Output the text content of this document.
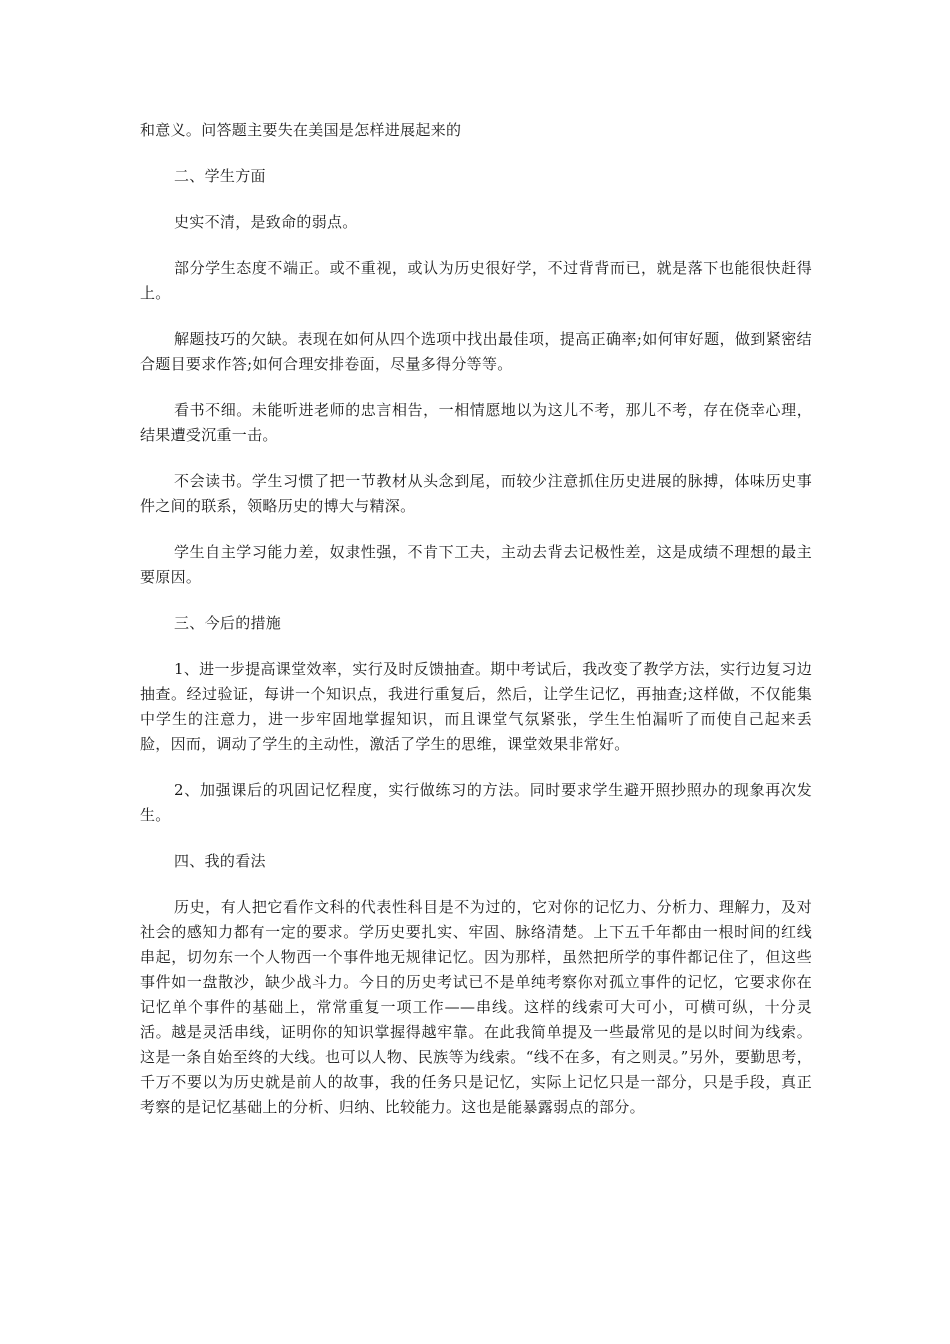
和意义。问答题主要失在美国是怎样进展起来的

二、学生方面

史实不清，是致命的弱点。

部分学生态度不端正。或不重视，或认为历史很好学，不过背背而已，就是落下也能很快赶得上。

解题技巧的欠缺。表现在如何从四个选项中找出最佳项，提高正确率;如何审好题，做到紧密结合题目要求作答;如何合理安排卷面，尽量多得分等等。

看书不细。未能听进老师的忠言相告，一相情愿地以为这儿不考，那儿不考，存在侥幸心理，结果遭受沉重一击。

不会读书。学生习惯了把一节教材从头念到尾，而较少注意抓住历史进展的脉搏，体味历史事件之间的联系，领略历史的博大与精深。

学生自主学习能力差，奴隶性强，不肯下工夫，主动去背去记极性差，这是成绩不理想的最主要原因。

三、今后的措施

1、进一步提高课堂效率，实行及时反馈抽查。期中考试后，我改变了教学方法，实行边复习边抽查。经过验证，每讲一个知识点，我进行重复后，然后，让学生记忆，再抽查;这样做，不仅能集中学生的注意力，进一步牢固地掌握知识，而且课堂气氛紧张，学生生怕漏听了而使自己起来丢脸，因而，调动了学生的主动性，激活了学生的思维，课堂效果非常好。

2、加强课后的巩固记忆程度，实行做练习的方法。同时要求学生避开照抄照办的现象再次发生。

四、我的看法

历史，有人把它看作文科的代表性科目是不为过的，它对你的记忆力、分析力、理解力，及对社会的感知力都有一定的要求。学历史要扎实、牢固、脉络清楚。上下五千年都由一根时间的红线串起，切勿东一个人物西一个事件地无规律记忆。因为那样，虽然把所学的事件都记住了，但这些事件如一盘散沙，缺少战斗力。今日的历史考试已不是单纯考察你对孤立事件的记忆，它要求你在记忆单个事件的基础上，常常重复一项工作——串线。这样的线索可大可小，可横可纵，十分灵活。越是灵活串线，证明你的知识掌握得越牢靠。在此我简单提及一些最常见的是以时间为线索。这是一条自始至终的大线。也可以人物、民族等为线索。“线不在多，有之则灵。”另外，要勤思考，千万不要以为历史就是前人的故事，我的任务只是记忆，实际上记忆只是一部分，只是手段，真正考察的是记忆基础上的分析、归纳、比较能力。这也是能暴露弱点的部分。
